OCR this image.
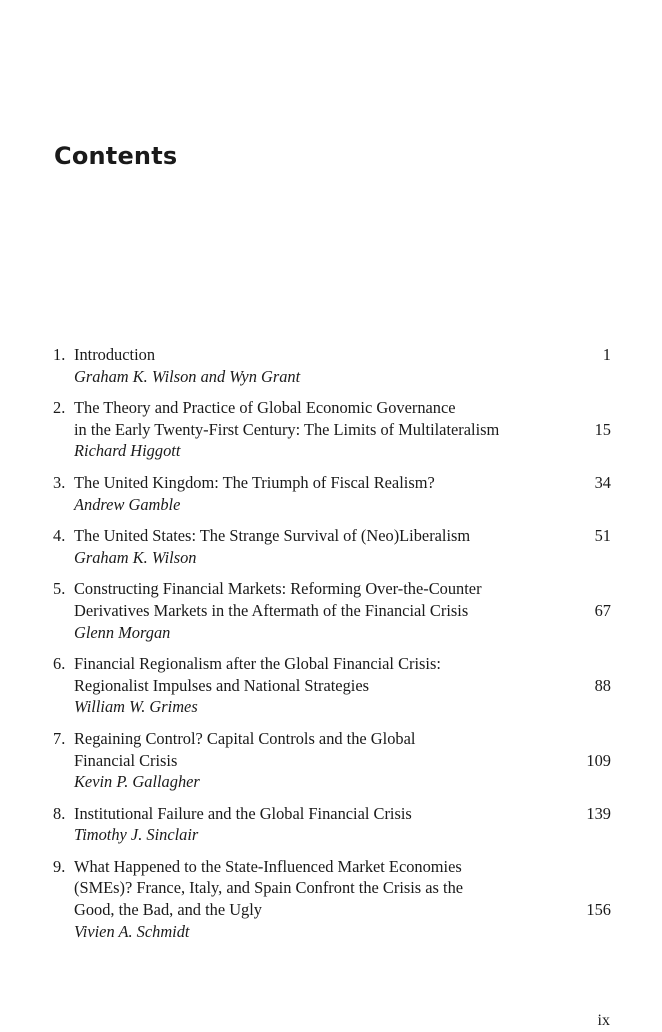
Contents
1. Introduction	1
Graham K. Wilson and Wyn Grant
2. The Theory and Practice of Global Economic Governance
in the Early Twenty-First Century: The Limits of Multilateralism	15
Richard Higgott
3. The United Kingdom: The Triumph of Fiscal Realism?	34
Andrew Gamble
4. The United States: The Strange Survival of (Neo)Liberalism	51
Graham K. Wilson
5. Constructing Financial Markets: Reforming Over-the-Counter
Derivatives Markets in the Aftermath of the Financial Crisis	67
Glenn Morgan
6. Financial Regionalism after the Global Financial Crisis:
Regionalist Impulses and National Strategies	88
William W. Grimes
7. Regaining Control? Capital Controls and the Global
Financial Crisis	109
Kevin P. Gallagher
8. Institutional Failure and the Global Financial Crisis	139
Timothy J. Sinclair
9. What Happened to the State-Influenced Market Economies
(SMEs)? France, Italy, and Spain Confront the Crisis as the
Good, the Bad, and the Ugly	156
Vivien A. Schmidt
ix
